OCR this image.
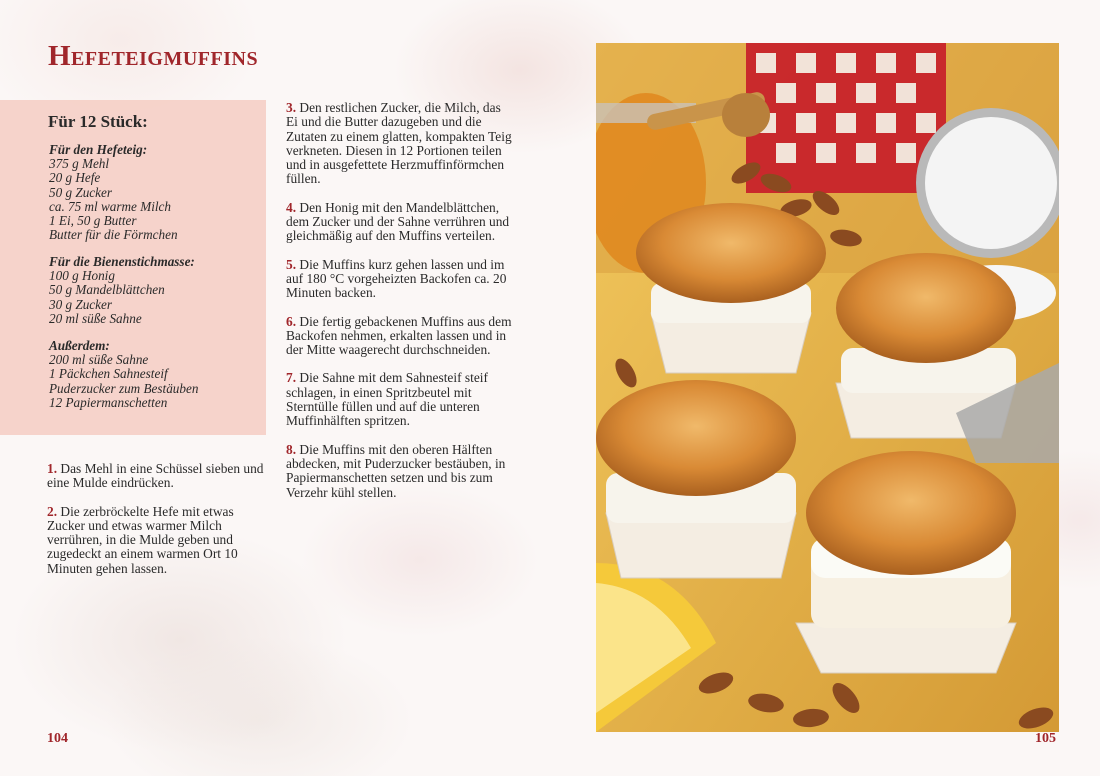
Hefeteigmuffins
Für 12 Stück:
Für den Hefeteig:
375 g Mehl
20 g Hefe
50 g Zucker
ca. 75 ml warme Milch
1 Ei, 50 g Butter
Butter für die Förmchen
Für die Bienenstichmasse:
100 g Honig
50 g Mandelblättchen
30 g Zucker
20 ml süße Sahne
Außerdem:
200 ml süße Sahne
1 Päckchen Sahnesteif
Puderzucker zum Bestäuben
12 Papiermanschetten

1. Das Mehl in eine Schüssel sieben und eine Mulde eindrücken.

2. Die zerbröckelte Hefe mit etwas Zucker und etwas warmer Milch verrühren, in die Mulde geben und zugedeckt an einem warmen Ort 10 Minuten gehen lassen.

3. Den restlichen Zucker, die Milch, das Ei und die Butter dazugeben und die Zutaten zu einem glatten, kompakten Teig verkneten. Diesen in 12 Portionen teilen und in ausgefettete Herzmuffinförmchen füllen.

4. Den Honig mit den Mandelblättchen, dem Zucker und der Sahne verrühren und gleichmäßig auf den Muffins verteilen.

5. Die Muffins kurz gehen lassen und im auf 180 °C vorgeheizten Backofen ca. 20 Minuten backen.

6. Die fertig gebackenen Muffins aus dem Backofen nehmen, erkalten lassen und in der Mitte waagerecht durchschneiden.

7. Die Sahne mit dem Sahnesteif steif schlagen, in einen Spritzbeutel mit Sterntülle füllen und auf die unteren Muffinhälften spritzen.

8. Die Muffins mit den oberen Hälften abdecken, mit Puderzucker bestäuben, in Papiermanschetten setzen und bis zum Verzehr kühl stellen.

104	105
